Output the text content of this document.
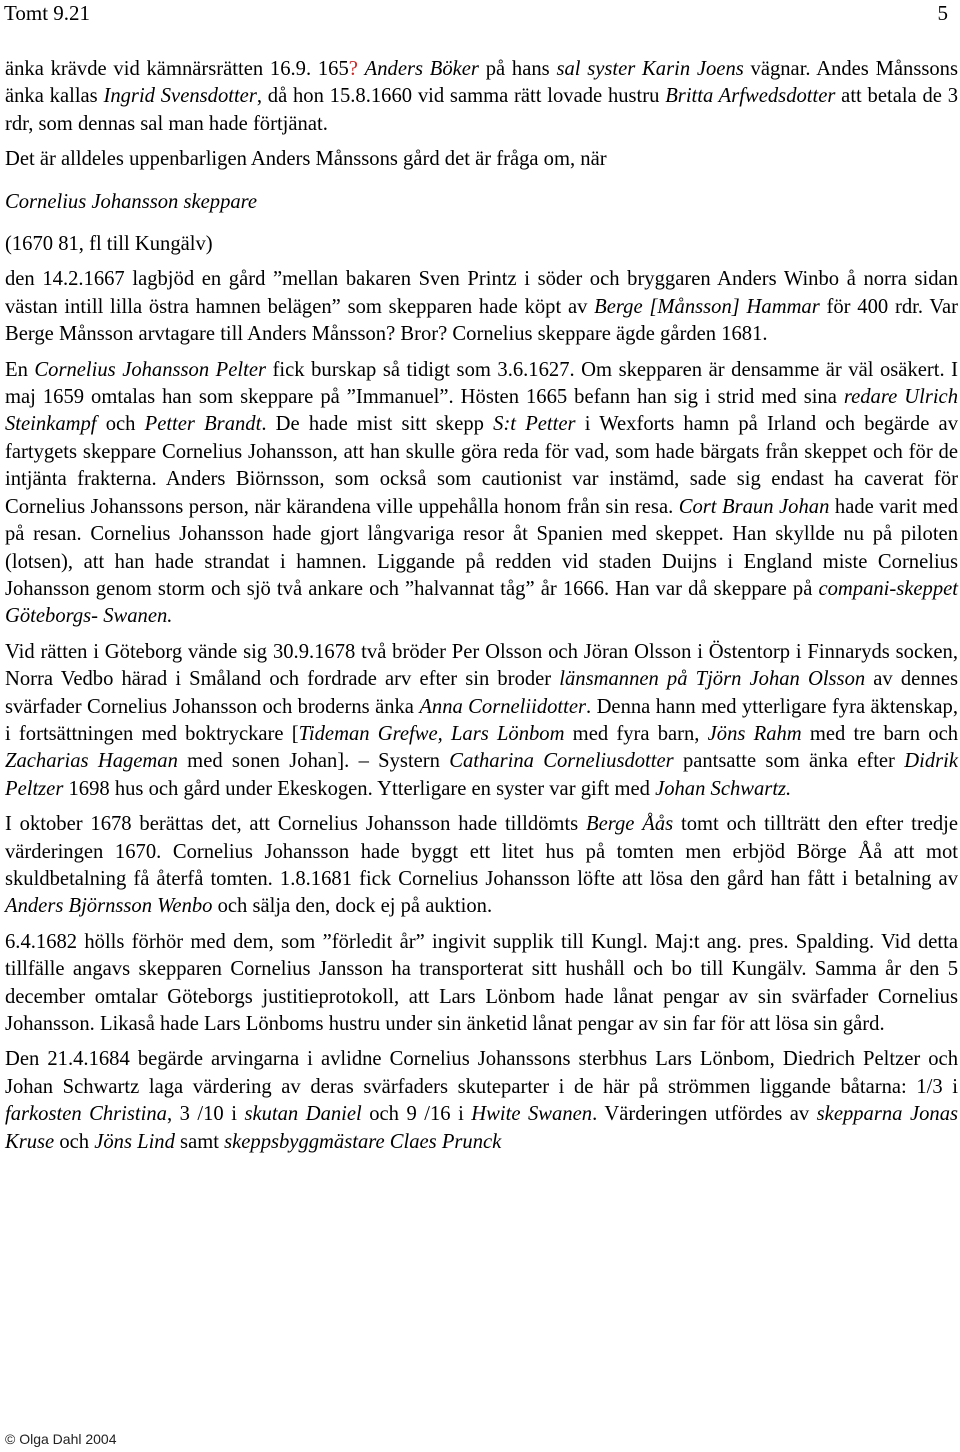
Tomt 9.21	5

änka krävde vid kämnärsrätten 16.9. 165? Anders Böker på hans sal syster Karin Joens vägnar. Andes Månssons änka kallas Ingrid Svensdotter, då hon 15.8.1660 vid samma rätt lovade hustru Britta Arfwedsdotter att betala de 3 rdr, som dennas sal man hade förtjänat.

Det är alldeles uppenbarligen Anders Månssons gård det är fråga om, när

Cornelius Johansson skeppare

(1670 81, fl till Kungälv)

den 14.2.1667 lagbjöd en gård ”mellan bakaren Sven Printz i söder och bryggaren Anders Winbo å norra sidan västan intill lilla östra hamnen belägen” som skepparen hade köpt av Berge [Månsson] Hammar för 400 rdr. Var Berge Månsson arvtagare till Anders Månsson? Bror? Cornelius skeppare ägde gården 1681.

En Cornelius Johansson Pelter fick burskap så tidigt som 3.6.1627. Om skepparen är densamme är väl osäkert. I maj 1659 omtalas han som skeppare på ”Immanuel”. Hösten 1665 befann han sig i strid med sina redare Ulrich Steinkampf och Petter Brandt. De hade mist sitt skepp S:t Petter i Wexforts hamn på Irland och begärde av fartygets skeppare Cornelius Johansson, att han skulle göra reda för vad, som hade bärgats från skeppet och för de intjänta frakterna. Anders Biörnsson, som också som cautionist var instämd, sade sig endast ha caverat för Cornelius Johanssons person, när kärandena ville uppehålla honom från sin resa. Cort Braun Johan hade varit med på resan. Cornelius Johansson hade gjort långvariga resor åt Spanien med skeppet. Han skyllde nu på piloten (lotsen), att han hade strandat i hamnen. Liggande på redden vid staden Duijns i England miste Cornelius Johansson genom storm och sjö två ankare och ”halvannat tåg” år 1666. Han var då skeppare på compani-skeppet Göteborgs- Swanen.

Vid rätten i Göteborg vände sig 30.9.1678 två bröder Per Olsson och Jöran Olsson i Östentorp i Finnaryds socken, Norra Vedbo härad i Småland och fordrade arv efter sin broder länsmannen på Tjörn Johan Olsson av dennes svärfader Cornelius Johansson och broderns änka Anna Corneliidotter. Denna hann med ytterligare fyra äktenskap, i fortsättningen med boktryckare [Tideman Grefwe, Lars Lönbom med fyra barn, Jöns Rahm med tre barn och Zacharias Hageman med sonen Johan]. – Systern Catharina Corneliusdotter pantsatte som änka efter Didrik Peltzer 1698 hus och gård under Ekeskogen. Ytterligare en syster var gift med Johan Schwartz.

I oktober 1678 berättas det, att Cornelius Johansson hade tilldömts Berge Åås tomt och tillträtt den efter tredje värderingen 1670. Cornelius Johansson hade byggt ett litet hus på tomten men erbjöd Börge Åå att mot skuldbetalning få återfå tomten. 1.8.1681 fick Cornelius Johansson löfte att lösa den gård han fått i betalning av Anders Björnsson Wenbo och sälja den, dock ej på auktion.

6.4.1682 hölls förhör med dem, som ”förledit år” ingivit supplik till Kungl. Maj:t ang. pres. Spalding. Vid detta tillfälle angavs skepparen Cornelius Jansson ha transporterat sitt hushåll och bo till Kungälv. Samma år den 5 december omtalar Göteborgs justitieprotokoll, att Lars Lönbom hade lånat pengar av sin svärfader Cornelius Johansson. Likaså hade Lars Lönboms hustru under sin änketid lånat pengar av sin far för att lösa sin gård.

Den 21.4.1684 begärde arvingarna i avlidne Cornelius Johanssons sterbhus Lars Lönbom, Diedrich Peltzer och Johan Schwartz laga värdering av deras svärfaders skuteparter i de här på strömmen liggande båtarna: 1/3 i farkosten Christina, 3 /10 i skutan Daniel och 9 /16 i Hwite Swanen. Värderingen utfördes av skepparna Jonas Kruse och Jöns Lind samt skeppsbyggmästare Claes Prunck

© Olga Dahl 2004
